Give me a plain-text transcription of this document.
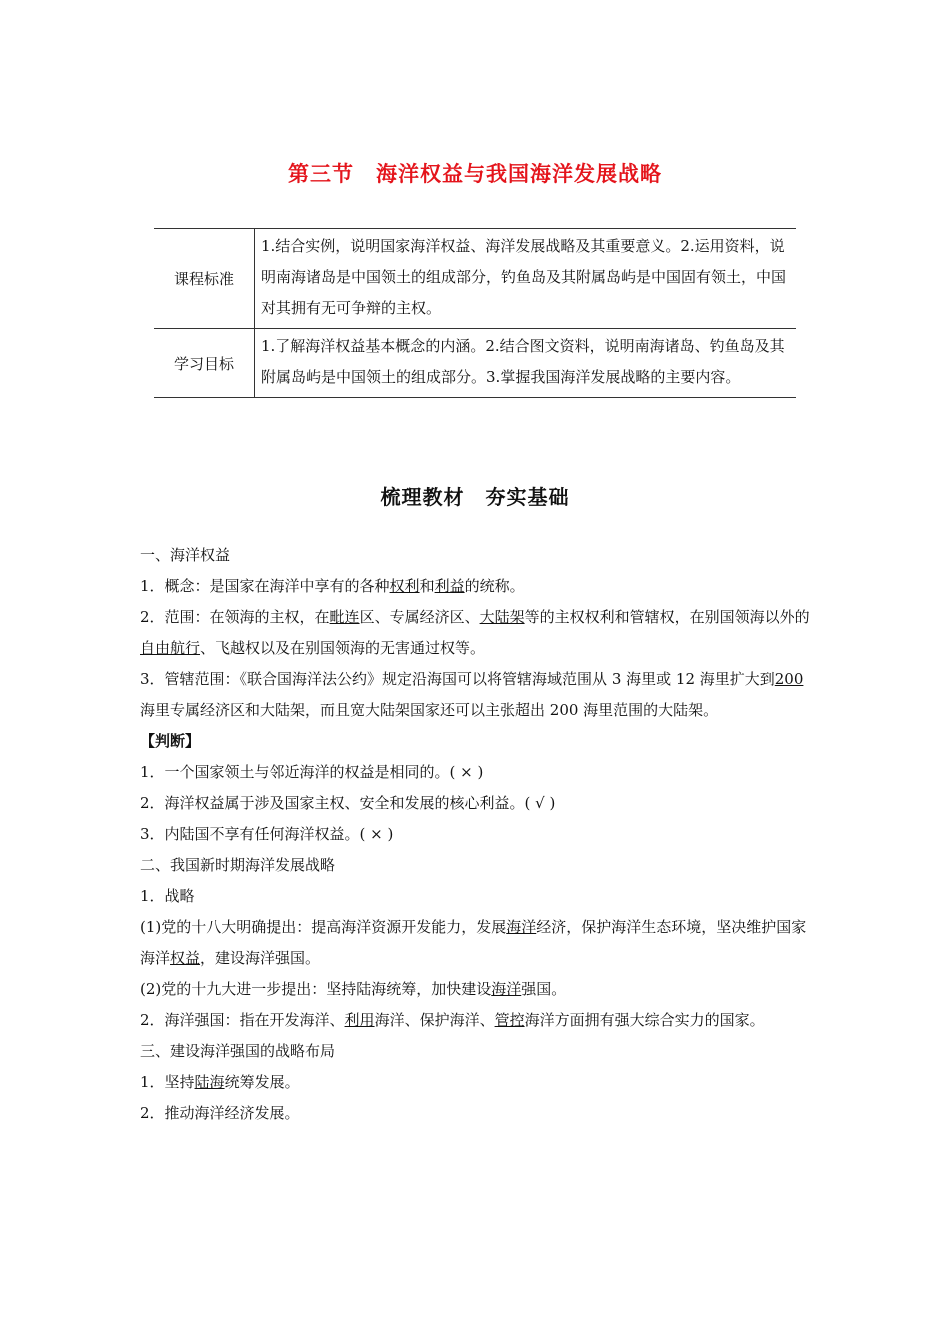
第三节　海洋权益与我国海洋发展战略
课程标准	1.结合实例，说明国家海洋权益、海洋发展战略及其重要意义。2.运用资料，说明南海诸岛是中国领土的组成部分，钓鱼岛及其附属岛屿是中国固有领土，中国对其拥有无可争辩的主权。
学习目标	1.了解海洋权益基本概念的内涵。2.结合图文资料，说明南海诸岛、钓鱼岛及其附属岛屿是中国领土的组成部分。3.掌握我国海洋发展战略的主要内容。
梳理教材　夯实基础

一、海洋权益

1．概念：是国家在海洋中享有的各种权利和利益的统称。

2．范围：在领海的主权，在毗连区、专属经济区、大陆架等的主权权利和管辖权，在别国领海以外的自由航行、飞越权以及在别国领海的无害通过权等。

3．管辖范围：《联合国海洋法公约》规定沿海国可以将管辖海域范围从 3 海里或 12 海里扩大到200海里专属经济区和大陆架，而且宽大陆架国家还可以主张超出 200 海里范围的大陆架。

【判断】

1．一个国家领土与邻近海洋的权益是相同的。( × )

2．海洋权益属于涉及国家主权、安全和发展的核心利益。( √ )

3．内陆国不享有任何海洋权益。( × )

二、我国新时期海洋发展战略

1．战略

(1)党的十八大明确提出：提高海洋资源开发能力，发展海洋经济，保护海洋生态环境，坚决维护国家海洋权益，建设海洋强国。

(2)党的十九大进一步提出：坚持陆海统筹，加快建设海洋强国。

2．海洋强国：指在开发海洋、利用海洋、保护海洋、管控海洋方面拥有强大综合实力的国家。

三、建设海洋强国的战略布局

1．坚持陆海统筹发展。

2．推动海洋经济发展。
